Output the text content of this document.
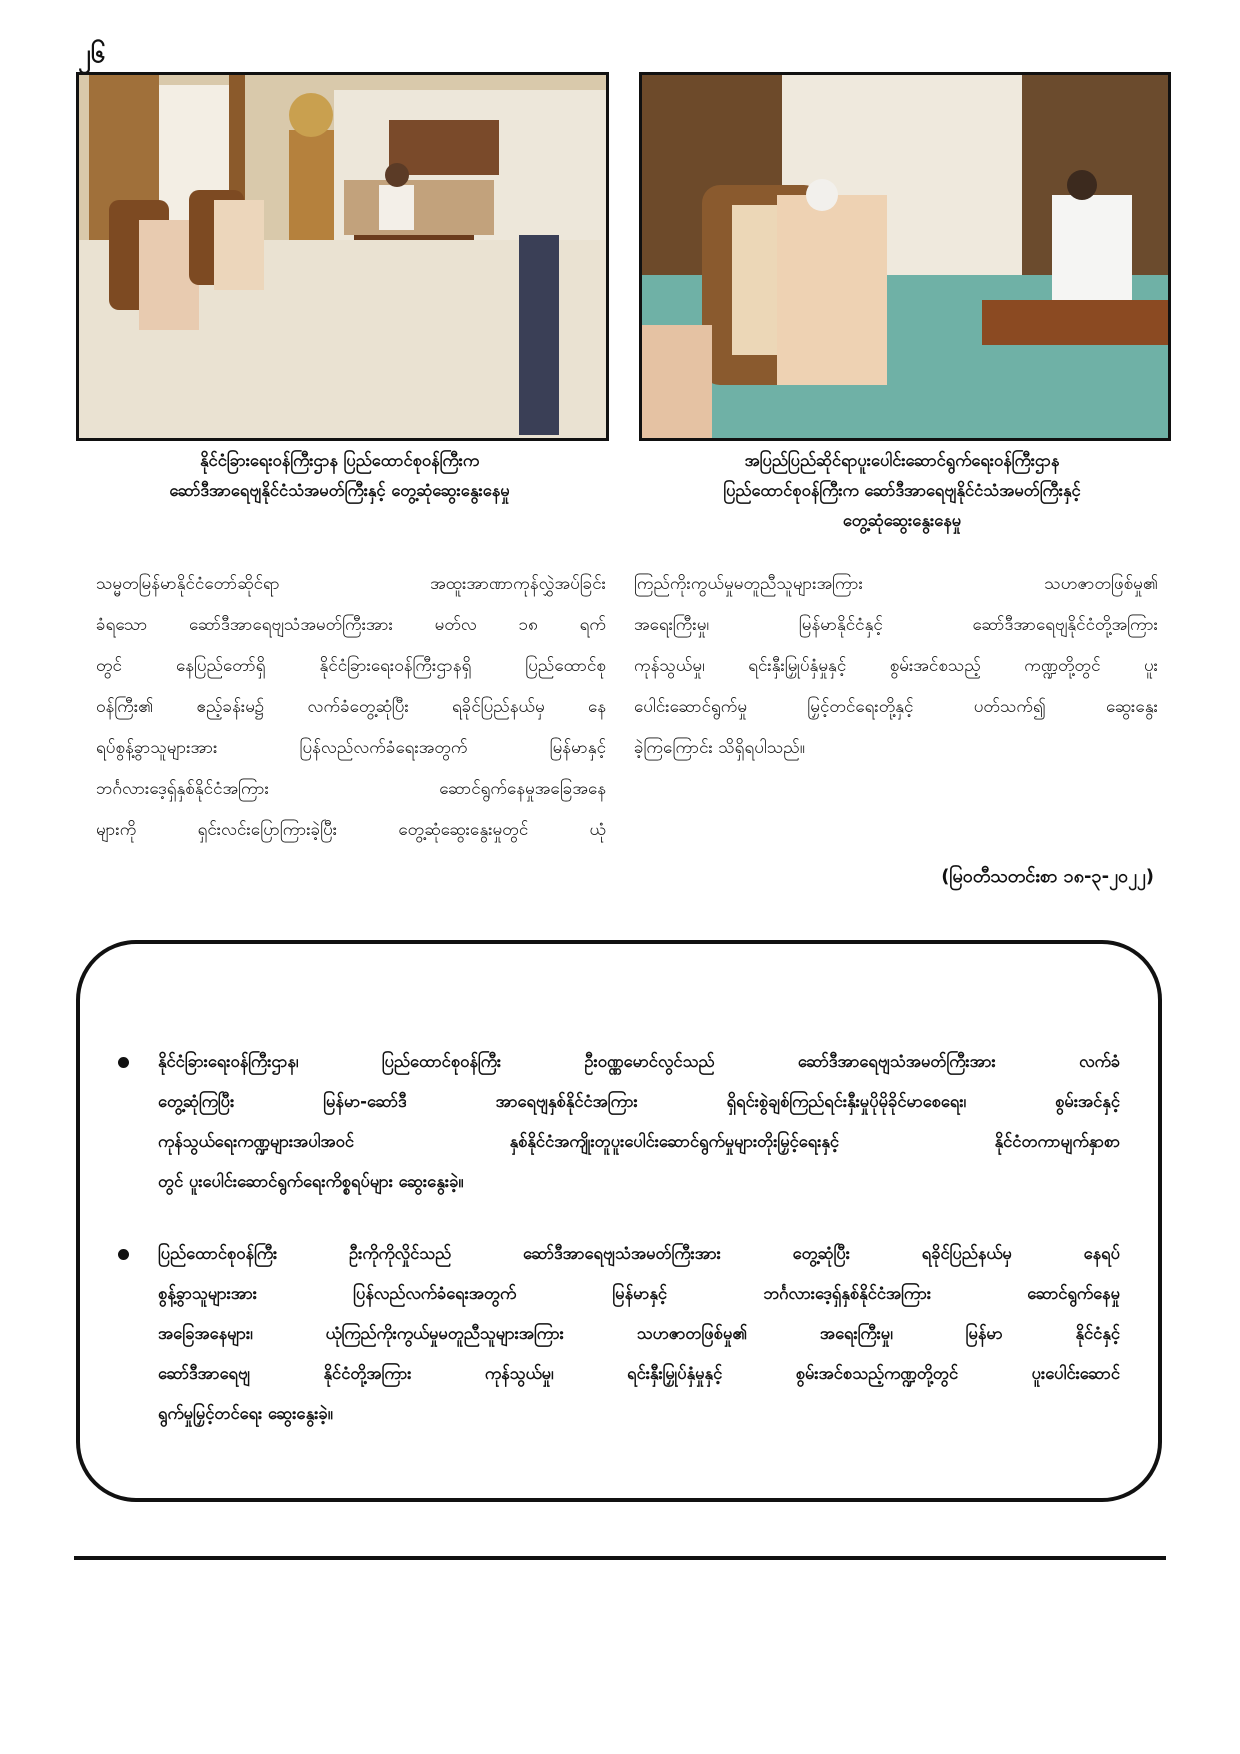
၂၆
နိုင်ငံခြားရေးဝန်ကြီးဌာန ပြည်ထောင်စုဝန်ကြီးက
ဆော်ဒီအာရေဗျနိုင်ငံသံအမတ်ကြီးနှင့် တွေ့ဆုံဆွေးနွေးနေမှု
အပြည်ပြည်ဆိုင်ရာပူးပေါင်းဆောင်ရွက်ရေးဝန်ကြီးဌာန
ပြည်ထောင်စုဝန်ကြီးက ဆော်ဒီအာရေဗျနိုင်ငံသံအမတ်ကြီးနှင့်
တွေ့ဆုံဆွေးနွေးနေမှု
သမ္မတမြန်မာနိုင်ငံတော်ဆိုင်ရာ အထူးအာဏာကုန်လွှဲအပ်ခြင်း
ခံရသော ဆော်ဒီအာရေဗျသံအမတ်ကြီးအား မတ်လ ၁၈ ရက်
တွင် နေပြည်တော်ရှိ နိုင်ငံခြားရေးဝန်ကြီးဌာနရှိ ပြည်ထောင်စု
ဝန်ကြီး၏ ဧည့်ခန်းမ၌ လက်ခံတွေ့ဆုံပြီး ရခိုင်ပြည်နယ်မှ နေ
ရပ်စွန့်ခွာသူများအား ပြန်လည်လက်ခံရေးအတွက် မြန်မာနှင့်
ဘင်္ဂလားဒေ့ရှ်နှစ်နိုင်ငံအကြား ဆောင်ရွက်နေမှုအခြေအနေ
များကို ရှင်းလင်းပြောကြားခဲ့ပြီး တွေ့ဆုံဆွေးနွေးမှုတွင် ယုံ
ကြည်ကိုးကွယ်မှုမတူညီသူများအကြား သဟဇာတဖြစ်မှု၏
အရေးကြီးမှု၊ မြန်မာနိုင်ငံနှင့် ဆော်ဒီအာရေဗျနိုင်ငံတို့အကြား
ကုန်သွယ်မှု၊ ရင်းနှီးမြှုပ်နှံမှုနှင့် စွမ်းအင်စသည့် ကဏ္ဍတို့တွင် ပူး
ပေါင်းဆောင်ရွက်မှု မြှင့်တင်ရေးတို့နှင့် ပတ်သက်၍ ဆွေးနွေး
ခဲ့ကြကြောင်း သိရှိရပါသည်။
(မြဝတီသတင်းစာ ၁၈-၃-၂၀၂၂)
နိုင်ငံခြားရေးဝန်ကြီးဌာန၊ ပြည်ထောင်စုဝန်ကြီး ဦးဝဏ္ဏမောင်လွင်သည် ဆော်ဒီအာရေဗျသံအမတ်ကြီးအား လက်ခံ
တွေ့ဆုံကြပြီး မြန်မာ-ဆော်ဒီ အာရေဗျနှစ်နိုင်ငံအကြား ရှိရင်းစွဲချစ်ကြည်ရင်းနှီးမှုပိုမိုခိုင်မာစေရေး၊ စွမ်းအင်နှင့်
ကုန်သွယ်ရေးကဏ္ဍများအပါအဝင် နှစ်နိုင်ငံအကျိုးတူပူးပေါင်းဆောင်ရွက်မှုများတိုးမြှင့်ရေးနှင့် နိုင်ငံတကာမျက်နှာစာ
တွင် ပူးပေါင်းဆောင်ရွက်ရေးကိစ္စရပ်များ ဆွေးနွေးခဲ့။
ပြည်ထောင်စုဝန်ကြီး ဦးကိုကိုလှိုင်သည် ဆော်ဒီအာရေဗျသံအမတ်ကြီးအား တွေ့ဆုံပြီး ရခိုင်ပြည်နယ်မှ နေရပ်
စွန့်ခွာသူများအား ပြန်လည်လက်ခံရေးအတွက် မြန်မာနှင့် ဘင်္ဂလားဒေ့ရှ်နှစ်နိုင်ငံအကြား ဆောင်ရွက်နေမှု
အခြေအနေများ၊ ယုံကြည်ကိုးကွယ်မှုမတူညီသူများအကြား သဟဇာတဖြစ်မှု၏ အရေးကြီးမှု၊ မြန်မာ နိုင်ငံနှင့်
ဆော်ဒီအာရေဗျ နိုင်ငံတို့အကြား ကုန်သွယ်မှု၊ ရင်းနှီးမြှုပ်နှံမှုနှင့် စွမ်းအင်စသည့်ကဏ္ဍတို့တွင် ပူးပေါင်းဆောင်
ရွက်မှုမြှင့်တင်ရေး ဆွေးနွေးခဲ့။
